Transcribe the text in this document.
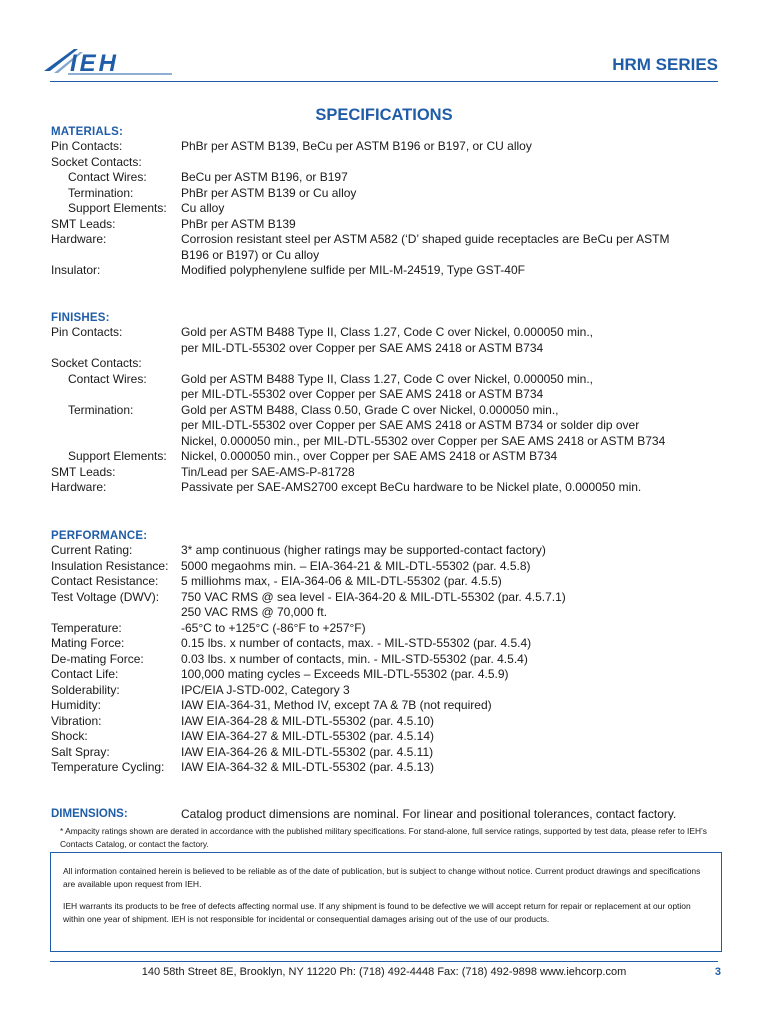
IEH	HRM SERIES
SPECIFICATIONS
MATERIALS:
Pin Contacts:	PhBr per ASTM B139, BeCu per ASTM B196 or B197, or CU alloy
Socket Contacts:
Contact Wires:	BeCu per ASTM B196, or B197
Termination:	PhBr per ASTM B139 or Cu alloy
Support Elements:	Cu alloy
SMT Leads:	PhBr per ASTM B139
Hardware:	Corrosion resistant steel per ASTM A582 (‘D’ shaped guide receptacles are BeCu per ASTM
B196 or B197) or Cu alloy
Insulator:	Modified polyphenylene sulfide per MIL-M-24519, Type GST-40F
FINISHES:
Pin Contacts:	Gold per ASTM B488 Type II, Class 1.27, Code C over Nickel, 0.000050 min.,
per MIL-DTL-55302 over Copper per SAE AMS 2418 or ASTM B734
Socket Contacts:
Contact Wires:	Gold per ASTM B488 Type II, Class 1.27, Code C over Nickel, 0.000050 min.,
per MIL-DTL-55302 over Copper per SAE AMS 2418 or ASTM B734
Termination:	Gold per ASTM B488, Class 0.50, Grade C over Nickel, 0.000050 min.,
per MIL-DTL-55302 over Copper per SAE AMS 2418 or ASTM B734 or solder dip over
Nickel, 0.000050 min., per MIL-DTL-55302 over Copper per SAE AMS 2418 or ASTM B734
Support Elements:	Nickel, 0.000050 min., over Copper per SAE AMS 2418 or ASTM B734
SMT Leads:	Tin/Lead per SAE-AMS-P-81728
Hardware:	Passivate per SAE-AMS2700 except BeCu hardware to be Nickel plate, 0.000050 min.
PERFORMANCE:
Current Rating:	3* amp continuous (higher ratings may be supported-contact factory)
Insulation Resistance:	5000 megaohms min. – EIA-364-21 & MIL-DTL-55302 (par. 4.5.8)
Contact Resistance:	5 milliohms max, - EIA-364-06 & MIL-DTL-55302 (par. 4.5.5)
Test Voltage (DWV):	750 VAC RMS @ sea level - EIA-364-20 & MIL-DTL-55302 (par. 4.5.7.1)
250 VAC RMS @ 70,000 ft.
Temperature:	-65°C to +125°C (-86°F to +257°F)
Mating Force:	0.15 lbs. x number of contacts, max. - MIL-STD-55302 (par. 4.5.4)
De-mating Force:	0.03 lbs. x number of contacts, min. - MIL-STD-55302 (par. 4.5.4)
Contact Life:	100,000 mating cycles – Exceeds MIL-DTL-55302 (par. 4.5.9)
Solderability:	IPC/EIA J-STD-002, Category 3
Humidity:	IAW EIA-364-31, Method IV, except 7A & 7B (not required)
Vibration:	IAW EIA-364-28 & MIL-DTL-55302 (par. 4.5.10)
Shock:	IAW EIA-364-27 & MIL-DTL-55302 (par. 4.5.14)
Salt Spray:	IAW EIA-364-26 & MIL-DTL-55302 (par. 4.5.11)
Temperature Cycling:	IAW EIA-364-32 & MIL-DTL-55302 (par. 4.5.13)
DIMENSIONS:	Catalog product dimensions are nominal. For linear and positional tolerances, contact factory.
* Ampacity ratings shown are derated in accordance with the published military specifications. For stand-alone, full service ratings, supported by test data, please refer to IEH’s Contacts Catalog, or contact the factory.

All information contained herein is believed to be reliable as of the date of publication, but is subject to change without notice. Current product drawings and specifications are available upon request from IEH.

IEH warrants its products to be free of defects affecting normal use. If any shipment is found to be defective we will accept return for repair or replacement at our option within one year of shipment. IEH is not responsible for incidental or consequential damages arising out of the use of our products.

140 58th Street 8E, Brooklyn, NY 11220 Ph: (718) 492-4448 Fax: (718) 492-9898 www.iehcorp.com	3
